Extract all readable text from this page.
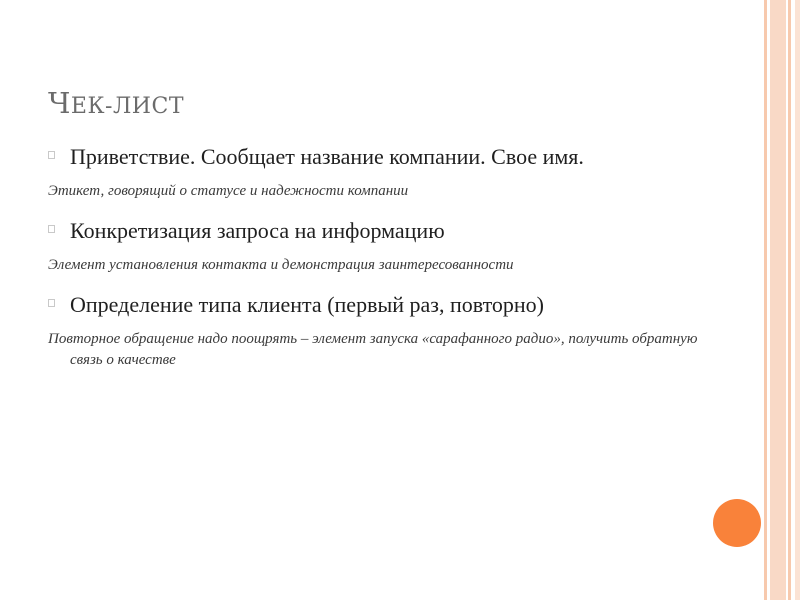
ЧЕК-ЛИСТ
Приветствие. Сообщает название компании. Свое имя.
Этикет, говорящий о статусе и надежности компании
Конкретизация запроса на информацию
Элемент установления контакта и демонстрация заинтересованности
Определение типа клиента (первый раз, повторно)
Повторное обращение надо поощрять – элемент запуска «сарафанного радио», получить обратную связь о качестве
